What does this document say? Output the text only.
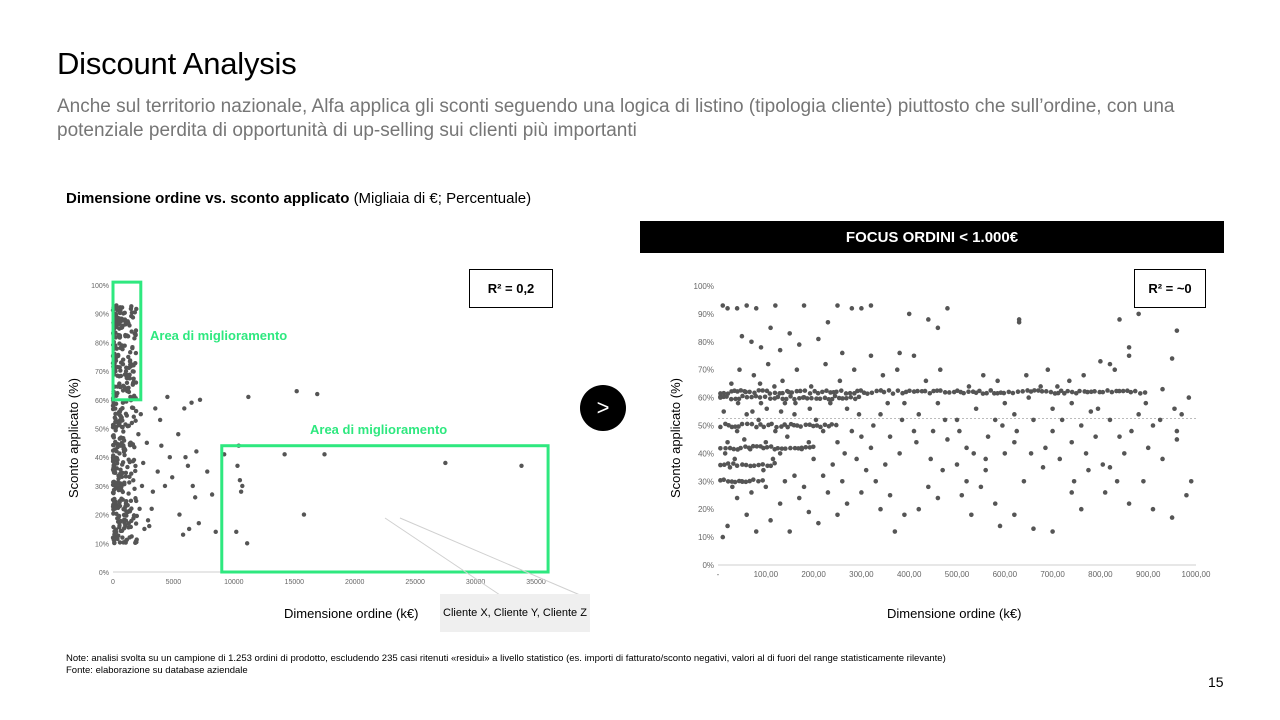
Discount Analysis
Anche sul territorio nazionale, Alfa applica gli sconti seguendo una logica di listino (tipologia cliente) piuttosto che sull’ordine, con una potenziale perdita di opportunità di up-selling sui clienti più importanti
Dimensione ordine vs. sconto applicato (Migliaia di €; Percentuale)
FOCUS ORDINI < 1.000€
0%
10%
20%
30%
40%
50%
60%
70%
80%
90%
100%
0	5000	10000	15000	20000	25000	30000	35000
Area di miglioramento
Area di miglioramento
0%
10%
20%
30%
40%
50%
60%
70%
80%
90%
100%
-	100,00	200,00	300,00	400,00	500,00	600,00	700,00	800,00	900,00	1000,00
R² = 0,2	R² = ~0
Sconto applicato (%)	Sconto applicato (%)
Dimensione ordine (k€)	Dimensione ordine (k€)
>
Cliente X, Cliente Y, Cliente Z
Note: analisi svolta su un campione di 1.253 ordini di prodotto, escludendo 235 casi ritenuti «residui» a livello statistico (es. importi di fatturato/sconto negativi, valori al di fuori del range statisticamente rilevante)
Fonte: elaborazione su database aziendale
15
